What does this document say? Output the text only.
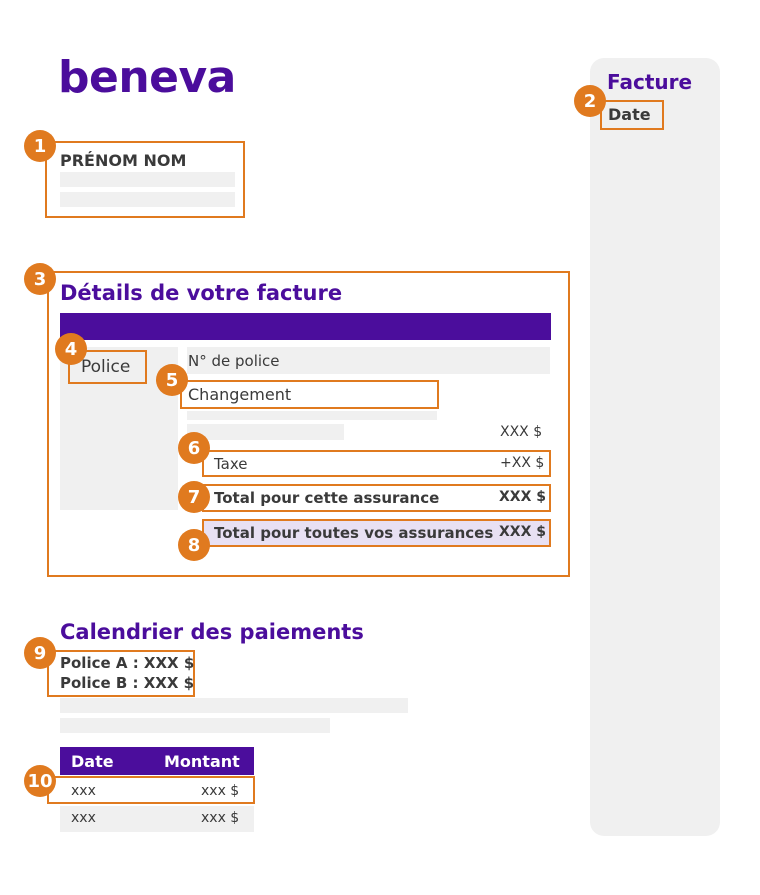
beneva	Facture
Date
2
PRÉNOM NOM
1
3
Détails de votre facture
Police
4
N° de police
Changement
5
XXX $
Taxe	+XX $
6
Total pour cette assurance	XXX $
7
Total pour toutes vos assurances XXX $
8
Calendrier des paiements
Police A : XXX $
Police B : XXX $
9
Date	Montant
xxx	xxx $
xxx	xxx $
10
